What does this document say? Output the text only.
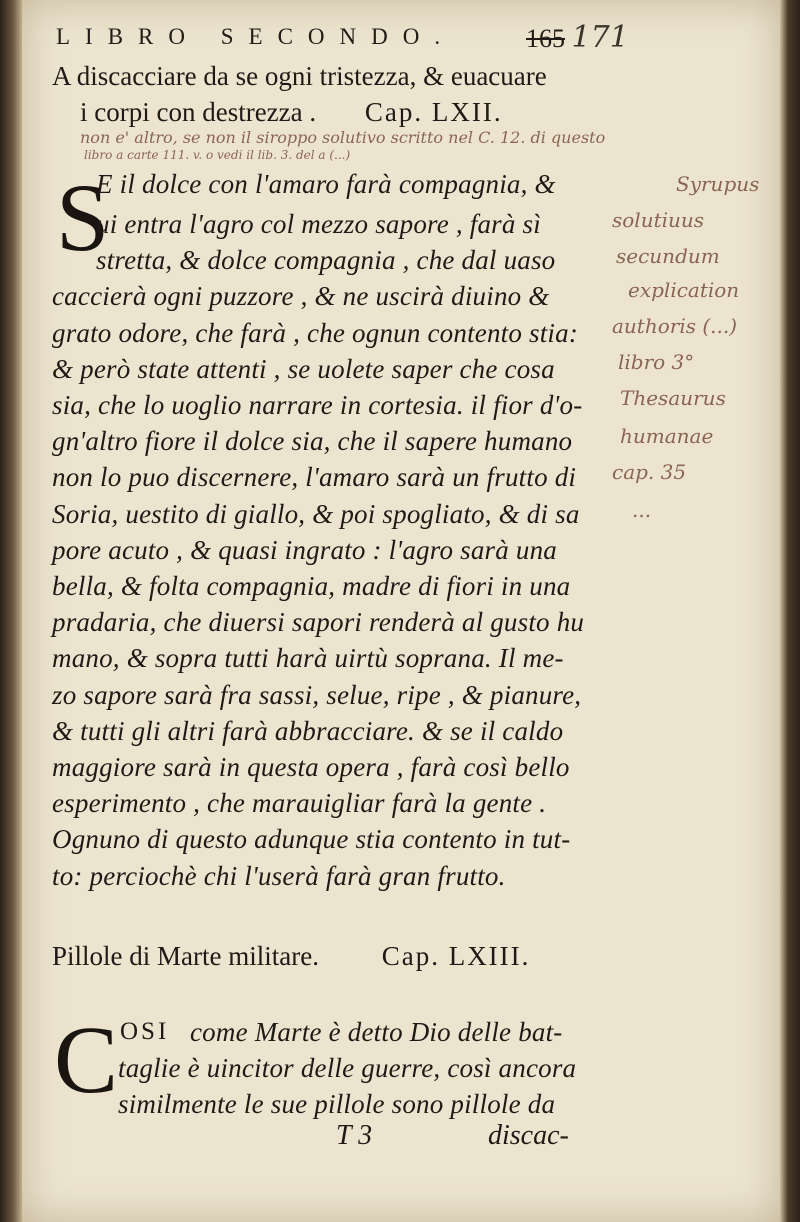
LIBRO SECONDO.	165 171
A discacciare da se ogni tristezza, & euacuare
i corpi con destrezza . Cap. LXII.
non e' altro, se non il siroppo solutivo scritto nel C. 12. di questo
libro a carte 111. v. o vedi il lib. 3. del a (...)
S
E il dolce con l'amaro farà compagnia, &
ui entra l'agro col mezzo sapore , farà sì
stretta, & dolce compagnia , che dal uaso
caccierà ogni puzzore , & ne uscirà diuino &
grato odore, che farà , che ognun contento stia:
& però state attenti , se uolete saper che cosa
sia, che lo uoglio narrare in cortesia. il fior d'o-
gn'altro fiore il dolce sia, che il sapere humano
non lo puo discernere, l'amaro sarà un frutto di
Soria, uestito di giallo, & poi spogliato, & di sa
pore acuto , & quasi ingrato : l'agro sarà una
bella, & folta compagnia, madre di fiori in una
pradaria, che diuersi sapori renderà al gusto hu
mano, & sopra tutti harà uirtù soprana. Il me-
zo sapore sarà fra sassi, selue, ripe , & pianure,
& tutti gli altri farà abbracciare. & se il caldo
maggiore sarà in questa opera , farà così bello
esperimento , che marauigliar farà la gente .
Ognuno di questo adunque stia contento in tut-
to: perciochè chi l'userà farà gran frutto.
Syrupus
solutiuus
secundum
explication
authoris (...)
libro 3°
Thesaurus
humanae
cap. 35
...
Pillole di Marte militare. Cap. LXIII.
C OSI come Marte è detto Dio delle bat-
taglie è uincitor delle guerre, così ancora
similmente le sue pillole sono pillole da
T 3	discac-
